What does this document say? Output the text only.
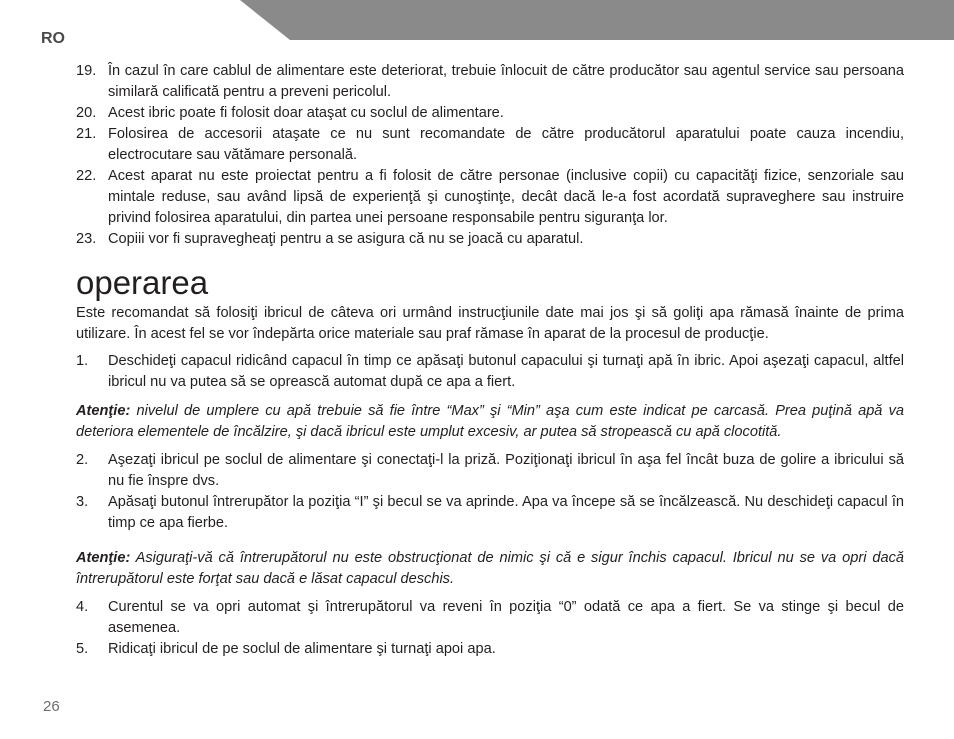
RO
19. În cazul în care cablul de alimentare este deteriorat, trebuie înlocuit de către producător sau agentul service sau persoana similară calificată pentru a preveni pericolul.
20. Acest ibric poate fi folosit doar ataşat cu soclul de alimentare.
21. Folosirea de accesorii ataşate ce nu sunt recomandate de către producătorul aparatului poate cauza incendiu, electrocutare sau vătămare personală.
22. Acest aparat nu este proiectat pentru a fi folosit de către personae (inclusive copii) cu capacităţi fizice, senzoriale sau mintale reduse, sau având lipsă de experienţă şi cunoştinţe, decât dacă le-a fost acordată supraveghere sau instruire privind folosirea aparatului, din partea unei persoane responsabile pentru siguranţa lor.
23. Copiii vor fi supravegheaţi pentru a se asigura că nu se joacă cu aparatul.
operarea

Este recomandat să folosiţi ibricul de câteva ori urmând instrucţiunile date mai jos şi să goliţi apa rămasă înainte de prima utilizare. În acest fel se vor îndepărta orice materiale sau praf rămase în aparat de la procesul de producţie.

1. Deschideţi capacul ridicând capacul în timp ce apăsaţi butonul capacului şi turnaţi apă în ibric. Apoi aşezaţi capacul, altfel ibricul nu va putea să se oprească automat după ce apa a fiert.

Atenţie: nivelul de umplere cu apă trebuie să fie între “Max” şi “Min” aşa cum este indicat pe carcasă. Prea puţină apă va deteriora elementele de încălzire, şi dacă ibricul este umplut excesiv, ar putea să stropească cu apă clocotită.

2. Aşezaţi ibricul pe soclul de alimentare şi conectaţi-l la priză. Poziţionaţi ibricul în aşa fel încât buza de golire a ibricului să nu fie înspre dvs.
3. Apăsaţi butonul întrerupător la poziţia “I” şi becul se va aprinde. Apa va începe să se încălzească. Nu deschideţi capacul în timp ce apa fierbe.

Atenţie: Asiguraţi-vă că întrerupătorul nu este obstrucţionat de nimic şi că e sigur închis capacul. Ibricul nu se va opri dacă întrerupătorul este forţat sau dacă e lăsat capacul deschis.

4. Curentul se va opri automat şi întrerupătorul va reveni în poziţia “0” odată ce apa a fiert. Se va stinge şi becul de asemenea.
5. Ridicaţi ibricul de pe soclul de alimentare şi turnaţi apoi apa.
26
